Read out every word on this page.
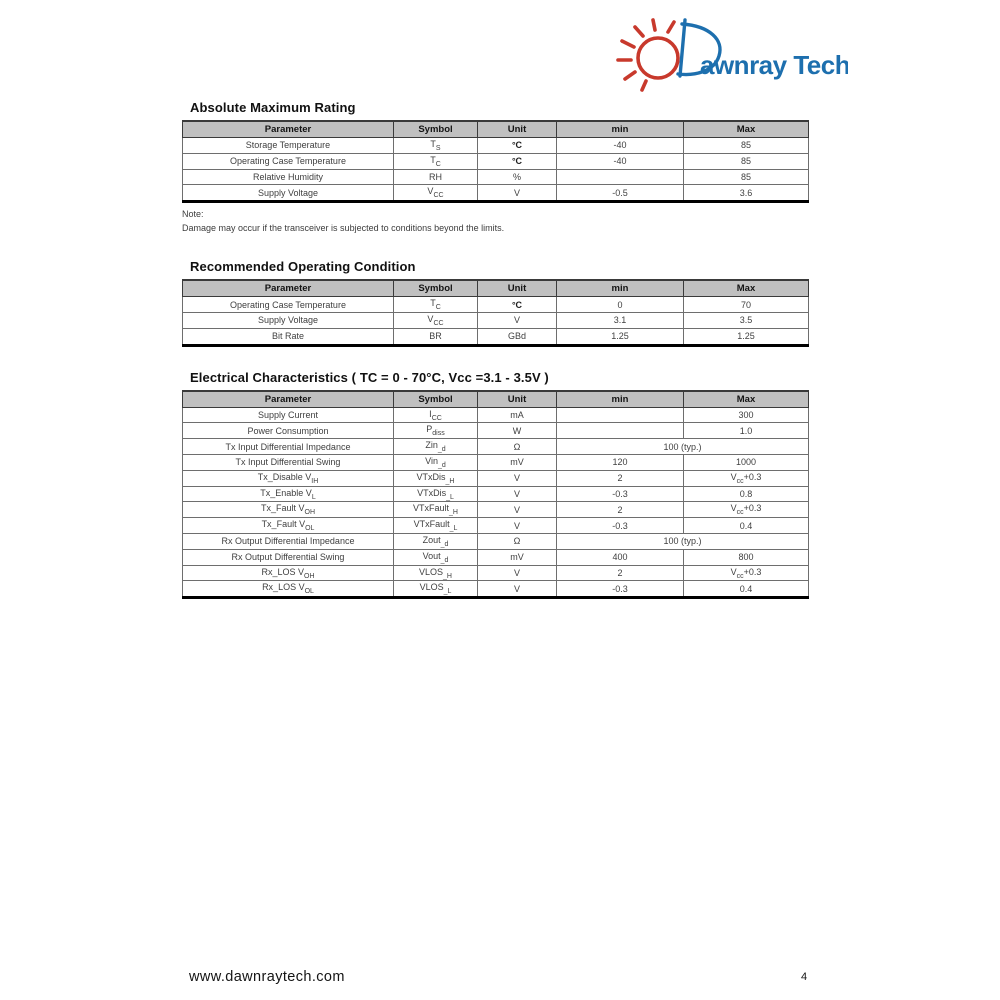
awnray Tech
Absolute Maximum Rating
Parameter	Symbol	Unit	min	Max
Storage Temperature	$T_S$	°C	-40	85
Operating Case Temperature	$T_C$	°C	-40	85
Relative Humidity	RH	%		85
Supply Voltage	$V_{CC}$	V	-0.5	3.6
Note:
Damage may occur if the transceiver is subjected to conditions beyond the limits.
Recommended Operating Condition
Parameter	Symbol	Unit	min	Max
Operating Case Temperature	$T_C$	°C	0	70
Supply Voltage	$V_{CC}$	V	3.1	3.5
Bit Rate	BR	GBd	1.25	1.25
Electrical Characteristics ( TC = 0 - 70°C, Vcc =3.1 - 3.5V )
Parameter	Symbol	Unit	min	Max
Supply Current	$I_{CC}$	mA		300
Power Consumption	$P_{diss}$	W		1.0
Tx Input Differential Impedance	Zin$_{\_d}$	Ω	100 (typ.)	
Tx Input Differential Swing	Vin$_{\_d}$	mV	120	1000
Tx_Disable $V_{IH}$	VTxDis$_{\_H}$	V	2	$V_{cc}+0.3$
Tx_Enable $V_L$	VTxDis$_{\_L}$	V	-0.3	0.8
Tx_Fault $V_{OH}$	VTxFault$_{\_H}$	V	2	$V_{cc}+0.3$
Tx_Fault $V_{OL}$	VTxFault$_{\_L}$	V	-0.3	0.4
Rx Output Differential Impedance	Zout$_{\_d}$	Ω	100 (typ.)	
Rx Output Differential Swing	Vout$_{\_d}$	mV	400	800
Rx_LOS $V_{OH}$	$VLOS_{\_H}$	V	2	$V_{cc}+0.3$
Rx_LOS $V_{OL}$	$VLOS_{\_L}$	V	-0.3	0.4
www.dawnraytech.com	4
